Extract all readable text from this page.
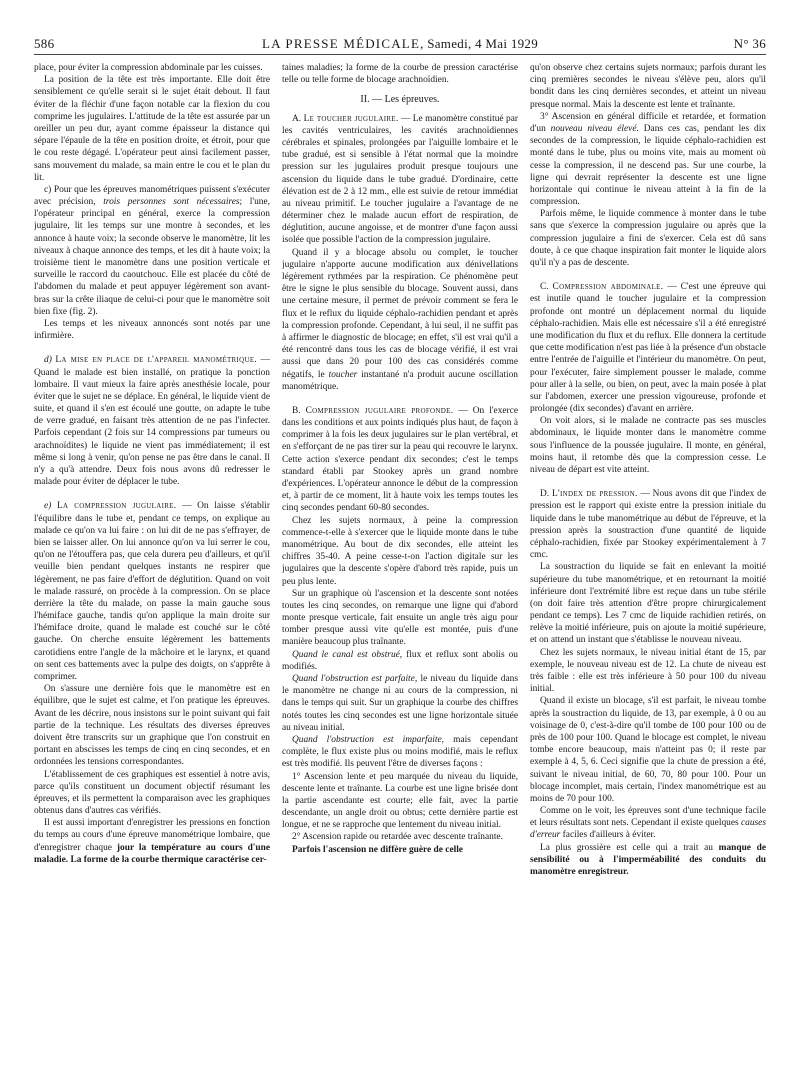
586	LA PRESSE MÉDICALE, Samedi, 4 Mai 1929	N° 36

place, pour éviter la compression abdominale par les cuisses.

La position de la tête est très importante. Elle doit être sensiblement ce qu'elle serait si le sujet était debout. Il faut éviter de la fléchir d'une façon notable car la flexion du cou comprime les jugulaires. L'attitude de la tête est assurée par un oreiller un peu dur, ayant comme épaisseur la distance qui sépare l'épaule de la tête en position droite, et étroit, pour que le cou reste dégagé. L'opérateur peut ainsi facilement passer, sans mouvement du malade, sa main entre le cou et le plan du lit.

c) Pour que les épreuves manométriques puissent s'exécuter avec précision, trois personnes sont nécessaires; l'une, l'opérateur principal en général, exerce la compression jugulaire, lit les temps sur une montre à secondes, et les annonce à haute voix; la seconde observe le manomètre, lit les niveaux à chaque annonce des temps, et les dit à haute voix; la troisième tient le manomètre dans une position verticale et surveille le raccord du caoutchouc. Elle est placée du côté de l'abdomen du malade et peut appuyer légèrement son avant-bras sur la crête iliaque de celui-ci pour que le manomètre soit bien fixe (fig. 2).

Les temps et les niveaux annoncés sont notés par une infirmière.

d) La mise en place de l'appareil manométrique. — Quand le malade est bien installé, on pratique la ponction lombaire. Il vaut mieux la faire après anesthésie locale, pour éviter que le sujet ne se déplace. En général, le liquide vient de suite, et quand il s'en est écoulé une goutte, on adapte le tube de verre gradué, en faisant très attention de ne pas l'infecter. Parfois cependant (2 fois sur 14 compressions par tumeurs ou arachnoïdites) le liquide ne vient pas immédiatement; il est même si long à venir, qu'on pense ne pas être dans le canal. Il n'y a qu'à attendre. Deux fois nous avons dû redresser le malade pour éviter de déplacer le tube.

e) La compression jugulaire. — On laisse s'établir l'équilibre dans le tube et, pendant ce temps, on explique au malade ce qu'on va lui faire : on lui dit de ne pas s'effrayer, de bien se laisser aller. On lui annonce qu'on va lui serrer le cou, qu'on ne l'étouffera pas, que cela durera peu d'ailleurs, et qu'il veuille bien pendant quelques instants ne respirer que légèrement, ne pas faire d'effort de déglutition. Quand on voit le malade rassuré, on procède à la compression. On se place derrière la tête du malade, on passe la main gauche sous l'hémiface gauche, tandis qu'on applique la main droite sur l'hémiface droite, quand le malade est couché sur le côté gauche. On cherche ensuite légèrement les battements carotidiens entre l'angle de la mâchoire et le larynx, et quand on sent ces battements avec la pulpe des doigts, on s'apprête à comprimer.

On s'assure une dernière fois que le manomètre est en équilibre, que le sujet est calme, et l'on pratique les épreuves. Avant de les décrire, nous insistons sur le point suivant qui fait partie de la technique. Les résultats des diverses épreuves doivent être transcrits sur un graphique que l'on construit en portant en abscisses les temps de cinq en cinq secondes, et en ordonnées les tensions correspondantes.

L'établissement de ces graphiques est essentiel à notre avis, parce qu'ils constituent un document objectif résumant les épreuves, et ils permettent la comparaison avec les graphiques obtenus dans d'autres cas vérifiés.

Il est aussi important d'enregistrer les pressions en fonction du temps au cours d'une épreuve manométrique lombaire, que d'enregistrer chaque jour la température au cours d'une maladie. La forme de la courbe thermique caractérise cer-

taines maladies; la forme de la courbe de pression caractérise telle ou telle forme de blocage arachnoïdien.

II. — Les épreuves.

A. Le toucher jugulaire. — Le manomètre constitué par les cavités ventriculaires, les cavités arachnoïdiennes cérébrales et spinales, prolongées par l'aiguille lombaire et le tube gradué, est si sensible à l'état normal que la moindre pression sur les jugulaires produit presque toujours une ascension du liquide dans le tube gradué. D'ordinaire, cette élévation est de 2 à 12 mm., elle est suivie de retour immédiat au niveau primitif. Le toucher jugulaire a l'avantage de ne déterminer chez le malade aucun effort de respiration, de déglutition, aucune angoisse, et de montrer d'une façon aussi isolée que possible l'action de la compression jugulaire.

Quand il y a blocage absolu ou complet, le toucher jugulaire n'apporte aucune modification aux dénivellations légèrement rythmées par la respiration. Ce phénomène peut être le signe le plus sensible du blocage. Souvent aussi, dans une certaine mesure, il permet de prévoir comment se fera le flux et le reflux du liquide céphalo-rachidien pendant et après la compression profonde. Cependant, à lui seul, il ne suffit pas à affirmer le diagnostic de blocage; en effet, s'il est vrai qu'il a été rencontré dans tous les cas de blocage vérifié, il est vrai aussi que dans 20 pour 100 des cas considérés comme négatifs, le toucher instantané n'a produit aucune oscillation manométrique.

B. Compression jugulaire profonde. — On l'exerce dans les conditions et aux points indiqués plus haut, de façon à comprimer à la fois les deux jugulaires sur le plan vertébral, et en s'efforçant de ne pas tirer sur la peau qui recouvre le larynx. Cette action s'exerce pendant dix secondes; c'est le temps standard établi par Stookey après un grand nombre d'expériences. L'opérateur annonce le début de la compression et, à partir de ce moment, lit à haute voix les temps toutes les cinq secondes pendant 60-80 secondes.

Chez les sujets normaux, à peine la compression commence-t-elle à s'exercer que le liquide monte dans le tube manométrique. Au bout de dix secondes, elle atteint les chiffres 35-40. A peine cesse-t-on l'action digitale sur les jugulaires que la descente s'opère d'abord très rapide, puis un peu plus lente.

Sur un graphique où l'ascension et la descente sont notées toutes les cinq secondes, on remarque une ligne qui d'abord monte presque verticale, fait ensuite un angle très aigu pour tomber presque aussi vite qu'elle est montée, puis d'une manière beaucoup plus traînante.

Quand le canal est obstrué, flux et reflux sont abolis ou modifiés.

Quand l'obstruction est parfaite, le niveau du liquide dans le manomètre ne change ni au cours de la compression, ni dans le temps qui suit. Sur un graphique la courbe des chiffres notés toutes les cinq secondes est une ligne horizontale située au niveau initial.

Quand l'obstruction est imparfaite, mais cependant complète, le flux existe plus ou moins modifié, mais le reflux est très modifié. Ils peuvent l'être de diverses façons :

1° Ascension lente et peu marquée du niveau du liquide, descente lente et traînante. La courbe est une ligne brisée dont la partie ascendante est courte; elle fait, avec la partie descendante, un angle droit ou obtus; cette dernière partie est longue, et ne se rapproche que lentement du niveau initial.

2° Ascension rapide ou retardée avec descente traînante.

Parfois l'ascension ne diffère guère de celle

qu'on observe chez certains sujets normaux; parfois durant les cinq premières secondes le niveau s'élève peu, alors qu'il bondit dans les cinq dernières secondes, et atteint un niveau presque normal. Mais la descente est lente et traînante.

3° Ascension en général difficile et retardée, et formation d'un nouveau niveau élevé. Dans ces cas, pendant les dix secondes de la compression, le liquide céphalo-rachidien est monté dans le tube, plus ou moins vite, mais au moment où cesse la compression, il ne descend pas. Sur une courbe, la ligne qui devrait représenter la descente est une ligne horizontale qui continue le niveau atteint à la fin de la compression.

Parfois même, le liquide commence à monter dans le tube sans que s'exerce la compression jugulaire ou après que la compression jugulaire a fini de s'exercer. Cela est dû sans doute, à ce que chaque inspiration fait monter le liquide alors qu'il n'y a pas de descente.

C. Compression abdominale. — C'est une épreuve qui est inutile quand le toucher jugulaire et la compression profonde ont montré un déplacement normal du liquide céphalo-rachidien. Mais elle est nécessaire s'il a été enregistré une modification du flux et du reflux. Elle donnera la certitude que cette modification n'est pas liée à la présence d'un obstacle entre l'entrée de l'aiguille et l'intérieur du manomètre. On peut, pour l'exécuter, faire simplement pousser le malade, comme pour aller à la selle, ou bien, on peut, avec la main posée à plat sur l'abdomen, exercer une pression vigoureuse, profonde et prolongée (dix secondes) d'avant en arrière.

On voit alors, si le malade ne contracte pas ses muscles abdominaux, le liquide monter dans le manomètre comme sous l'influence de la poussée jugulaire. Il monte, en général, moins haut, il retombe dès que la compression cesse. Le niveau de départ est vite atteint.

D. L'index de pression. — Nous avons dit que l'index de pression est le rapport qui existe entre la pression initiale du liquide dans le tube manométrique au début de l'épreuve, et la pression après la soustraction d'une quantité de liquide céphalo-rachidien, fixée par Stookey expérimentalement à 7 cmc.

La soustraction du liquide se fait en enlevant la moitié supérieure du tube manométrique, et en retournant la moitié inférieure dont l'extrémité libre est reçue dans un tube stérile (on doit faire très attention d'être propre chirurgicalement pendant ce temps). Les 7 cmc de liquide rachidien retirés, on relève la moitié inférieure, puis on ajoute la moitié supérieure, et on attend un instant que s'établisse le nouveau niveau.

Chez les sujets normaux, le niveau initial étant de 15, par exemple, le nouveau niveau est de 12. La chute de niveau est très faible : elle est très inférieure à 50 pour 100 du niveau initial.

Quand il existe un blocage, s'il est parfait, le niveau tombe après la soustraction du liquide, de 13, par exemple, à 0 ou au voisinage de 0, c'est-à-dire qu'il tombe de 100 pour 100 ou de près de 100 pour 100. Quand le blocage est complet, le niveau tombe encore beaucoup, mais n'atteint pas 0; il reste par exemple à 4, 5, 6. Ceci signifie que la chute de pression a été, suivant le niveau initial, de 60, 70, 80 pour 100. Pour un blocage incomplet, mais certain, l'index manométrique est au moins de 70 pour 100.

Comme on le voit, les épreuves sont d'une technique facile et leurs résultats sont nets. Cependant il existe quelques causes d'erreur faciles d'ailleurs à éviter.

La plus grossière est celle qui a trait au manque de sensibilité ou à l'imperméabilité des conduits du manomètre enregistreur.
